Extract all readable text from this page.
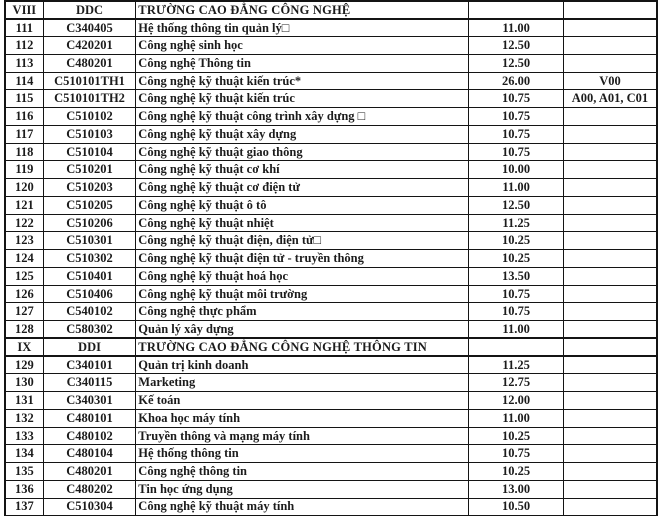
VIII	DDC	TRƯỜNG CAO ĐẲNG CÔNG NGHỆ		
111	C340405	Hệ thống thông tin quản lý□	11.00	
112	C420201	Công nghệ sinh học	12.50	
113	C480201	Công nghệ Thông tin	12.50	
114	C510101TH1	Công nghệ kỹ thuật kiến trúc*	26.00	V00
115	C510101TH2	Công nghệ kỹ thuật kiến trúc	10.75	A00, A01, C01
116	C510102	Công nghệ kỹ thuật công trình xây dựng □	10.75	
117	C510103	Công nghệ kỹ thuật xây dựng	10.75	
118	C510104	Công nghệ kỹ thuật giao thông	10.75	
119	C510201	Công nghệ kỹ thuật cơ khí	10.00	
120	C510203	Công nghệ kỹ thuật cơ điện tử	11.00	
121	C510205	Công nghệ kỹ thuật ô tô	12.50	
122	C510206	Công nghệ kỹ thuật nhiệt	11.25	
123	C510301	Công nghệ kỹ thuật điện, điện tử□	10.25	
124	C510302	Công nghệ kỹ thuật điện tử - truyền thông	10.25	
125	C510401	Công nghệ kỹ thuật hoá học	13.50	
126	C510406	Công nghệ kỹ thuật môi trường	10.75	
127	C540102	Công nghệ thực phẩm	10.75	
128	C580302	Quản lý xây dựng	11.00	
IX	DDI	TRƯỜNG CAO ĐẲNG CÔNG NGHỆ THÔNG TIN		
129	C340101	Quản trị kinh doanh	11.25	
130	C340115	Marketing	12.75	
131	C340301	Kế toán	12.00	
132	C480101	Khoa học máy tính	11.00	
133	C480102	Truyền thông và mạng máy tính	10.25	
134	C480104	Hệ thống thông tin	10.75	
135	C480201	Công nghệ thông tin	10.25	
136	C480202	Tin học ứng dụng	13.00	
137	C510304	Công nghệ kỹ thuật máy tính	10.50	
